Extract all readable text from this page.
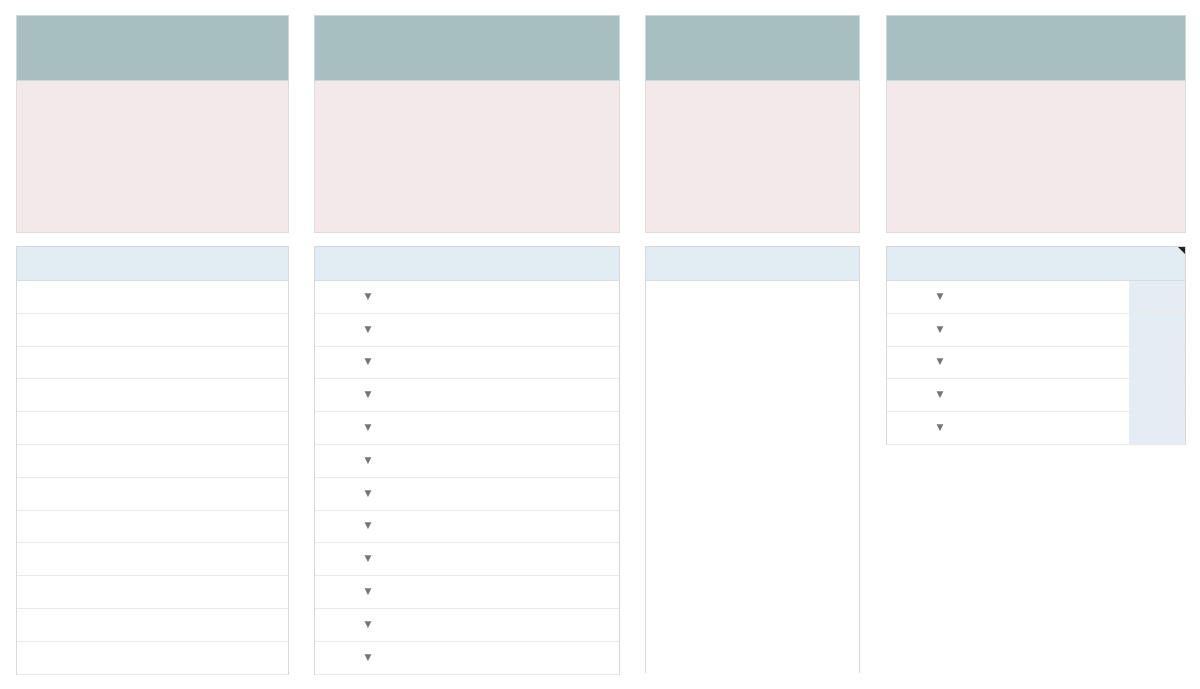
▼
▼
▼
▼
▼
▼
▼
▼
▼
▼
▼
▼
▼
▼
▼
▼
▼
